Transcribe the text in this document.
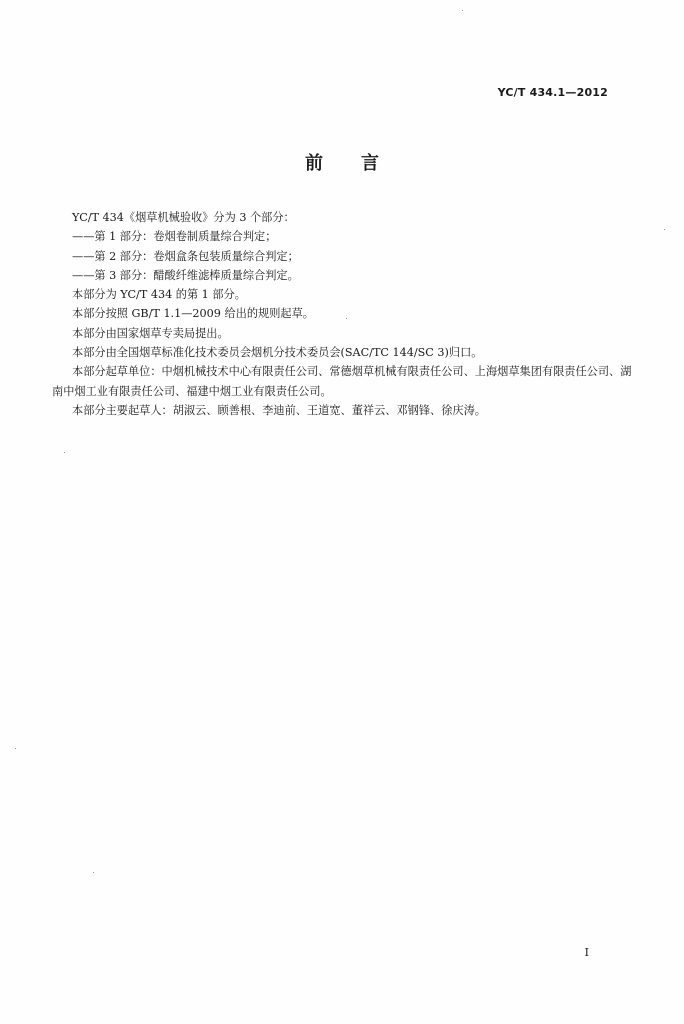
YC/T 434.1—2012
前言

YC/T 434《烟草机械验收》分为 3 个部分：

——第 1 部分：卷烟卷制质量综合判定；

——第 2 部分：卷烟盒条包装质量综合判定；

——第 3 部分：醋酸纤维滤棒质量综合判定。

本部分为 YC/T 434 的第 1 部分。

本部分按照 GB/T 1.1—2009 给出的规则起草。

本部分由国家烟草专卖局提出。

本部分由全国烟草标准化技术委员会烟机分技术委员会(SAC/TC 144/SC 3)归口。

本部分起草单位：中烟机械技术中心有限责任公司、常德烟草机械有限责任公司、上海烟草集团有限责任公司、湖南中烟工业有限责任公司、福建中烟工业有限责任公司。

本部分主要起草人：胡淑云、顾善根、李迪前、王道宽、董祥云、邓钢锋、徐庆涛。

I
